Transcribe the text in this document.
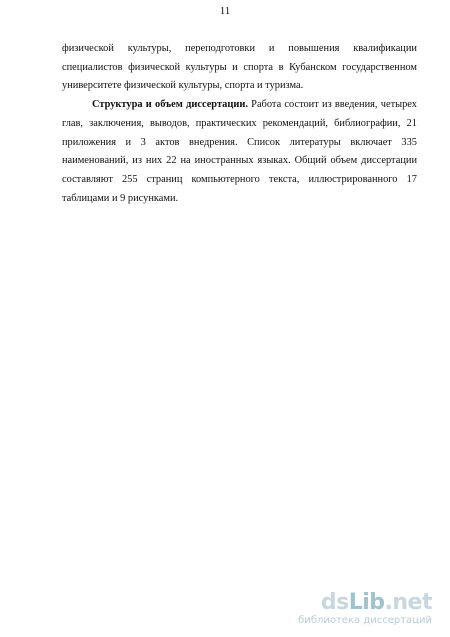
11

физической культуры, переподготовки и повышения квалификации специалистов физической культуры и спорта в Кубанском государственном университете физической культуры, спорта и туризма.

Структура и объем диссертации. Работа состоит из введения, четырех глав, заключения, выводов, практических рекомендаций, библиографии, 21 приложения и 3 актов внедрения. Список литературы включает 335 наименований, из них 22 на иностранных языках. Общий объем диссертации составляют 255 страниц компьютерного текста, иллюстрированного 17 таблицами и 9 рисунками.

dsLib.net
библиотека диссертаций
